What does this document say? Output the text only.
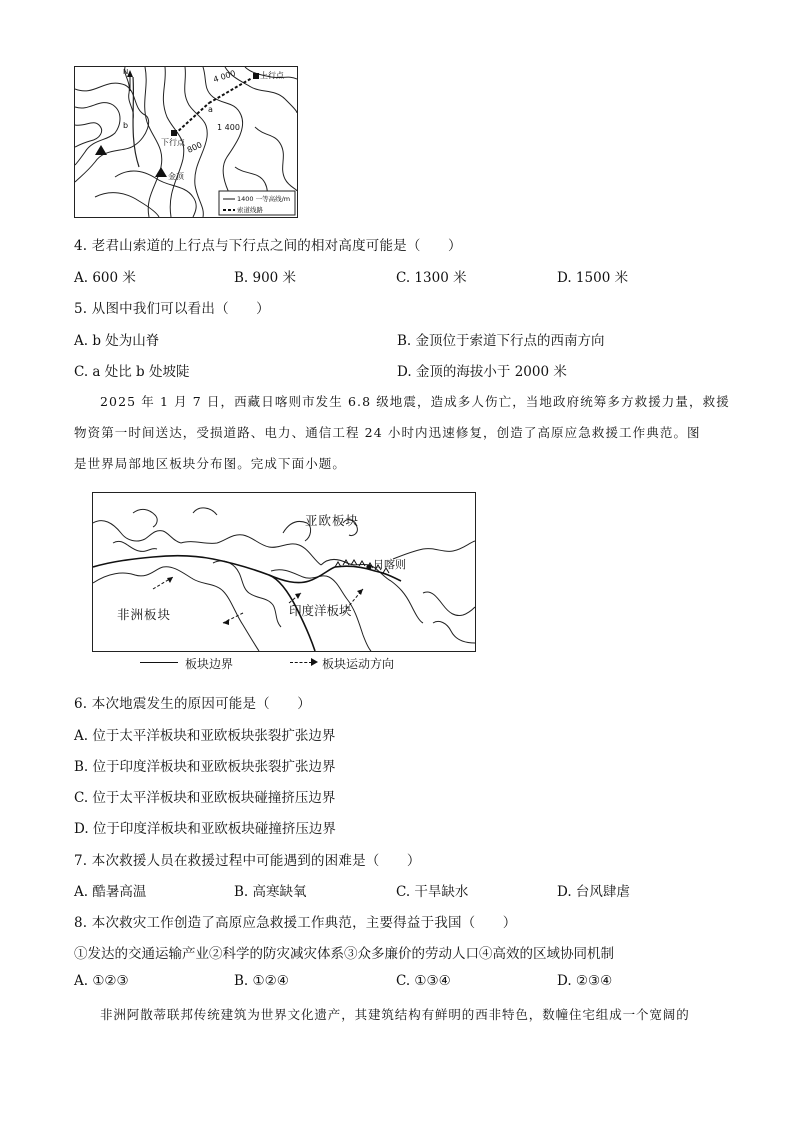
4 000	上行点
下行点
1 400
800
a
b
金顶
N
1400 一等高线/m
索道线路
4. 老君山索道的上行点与下行点之间的相对高度可能是（　　）
A. 600 米	B. 900 米	C. 1300 米	D. 1500 米
5. 从图中我们可以看出（　　）
A. b 处为山脊	B. 金顶位于索道下行点的西南方向
C. a 处比 b 处坡陡	D. 金顶的海拔小于 2000 米
2025 年 1 月 7 日，西藏日喀则市发生 6.8 级地震，造成多人伤亡，当地政府统筹多方救援力量，救援
物资第一时间送达，受损道路、电力、通信工程 24 小时内迅速修复，创造了高原应急救援工作典范。图
是世界局部地区板块分布图。完成下面小题。
亚欧板块
非洲板块	印度洋板块
日喀则
板块边界	板块运动方向
6. 本次地震发生的原因可能是（　　）
A. 位于太平洋板块和亚欧板块张裂扩张边界
B. 位于印度洋板块和亚欧板块张裂扩张边界
C. 位于太平洋板块和亚欧板块碰撞挤压边界
D. 位于印度洋板块和亚欧板块碰撞挤压边界
7. 本次救援人员在救援过程中可能遇到的困难是（　　）
A. 酷暑高温	B. 高寒缺氧	C. 干旱缺水	D. 台风肆虐
8. 本次救灾工作创造了高原应急救援工作典范，主要得益于我国（　　）
①发达的交通运输产业②科学的防灾减灾体系③众多廉价的劳动人口④高效的区域协同机制
A. ①②③	B. ①②④	C. ①③④	D. ②③④
非洲阿散蒂联邦传统建筑为世界文化遗产，其建筑结构有鲜明的西非特色，数幢住宅组成一个宽阔的
